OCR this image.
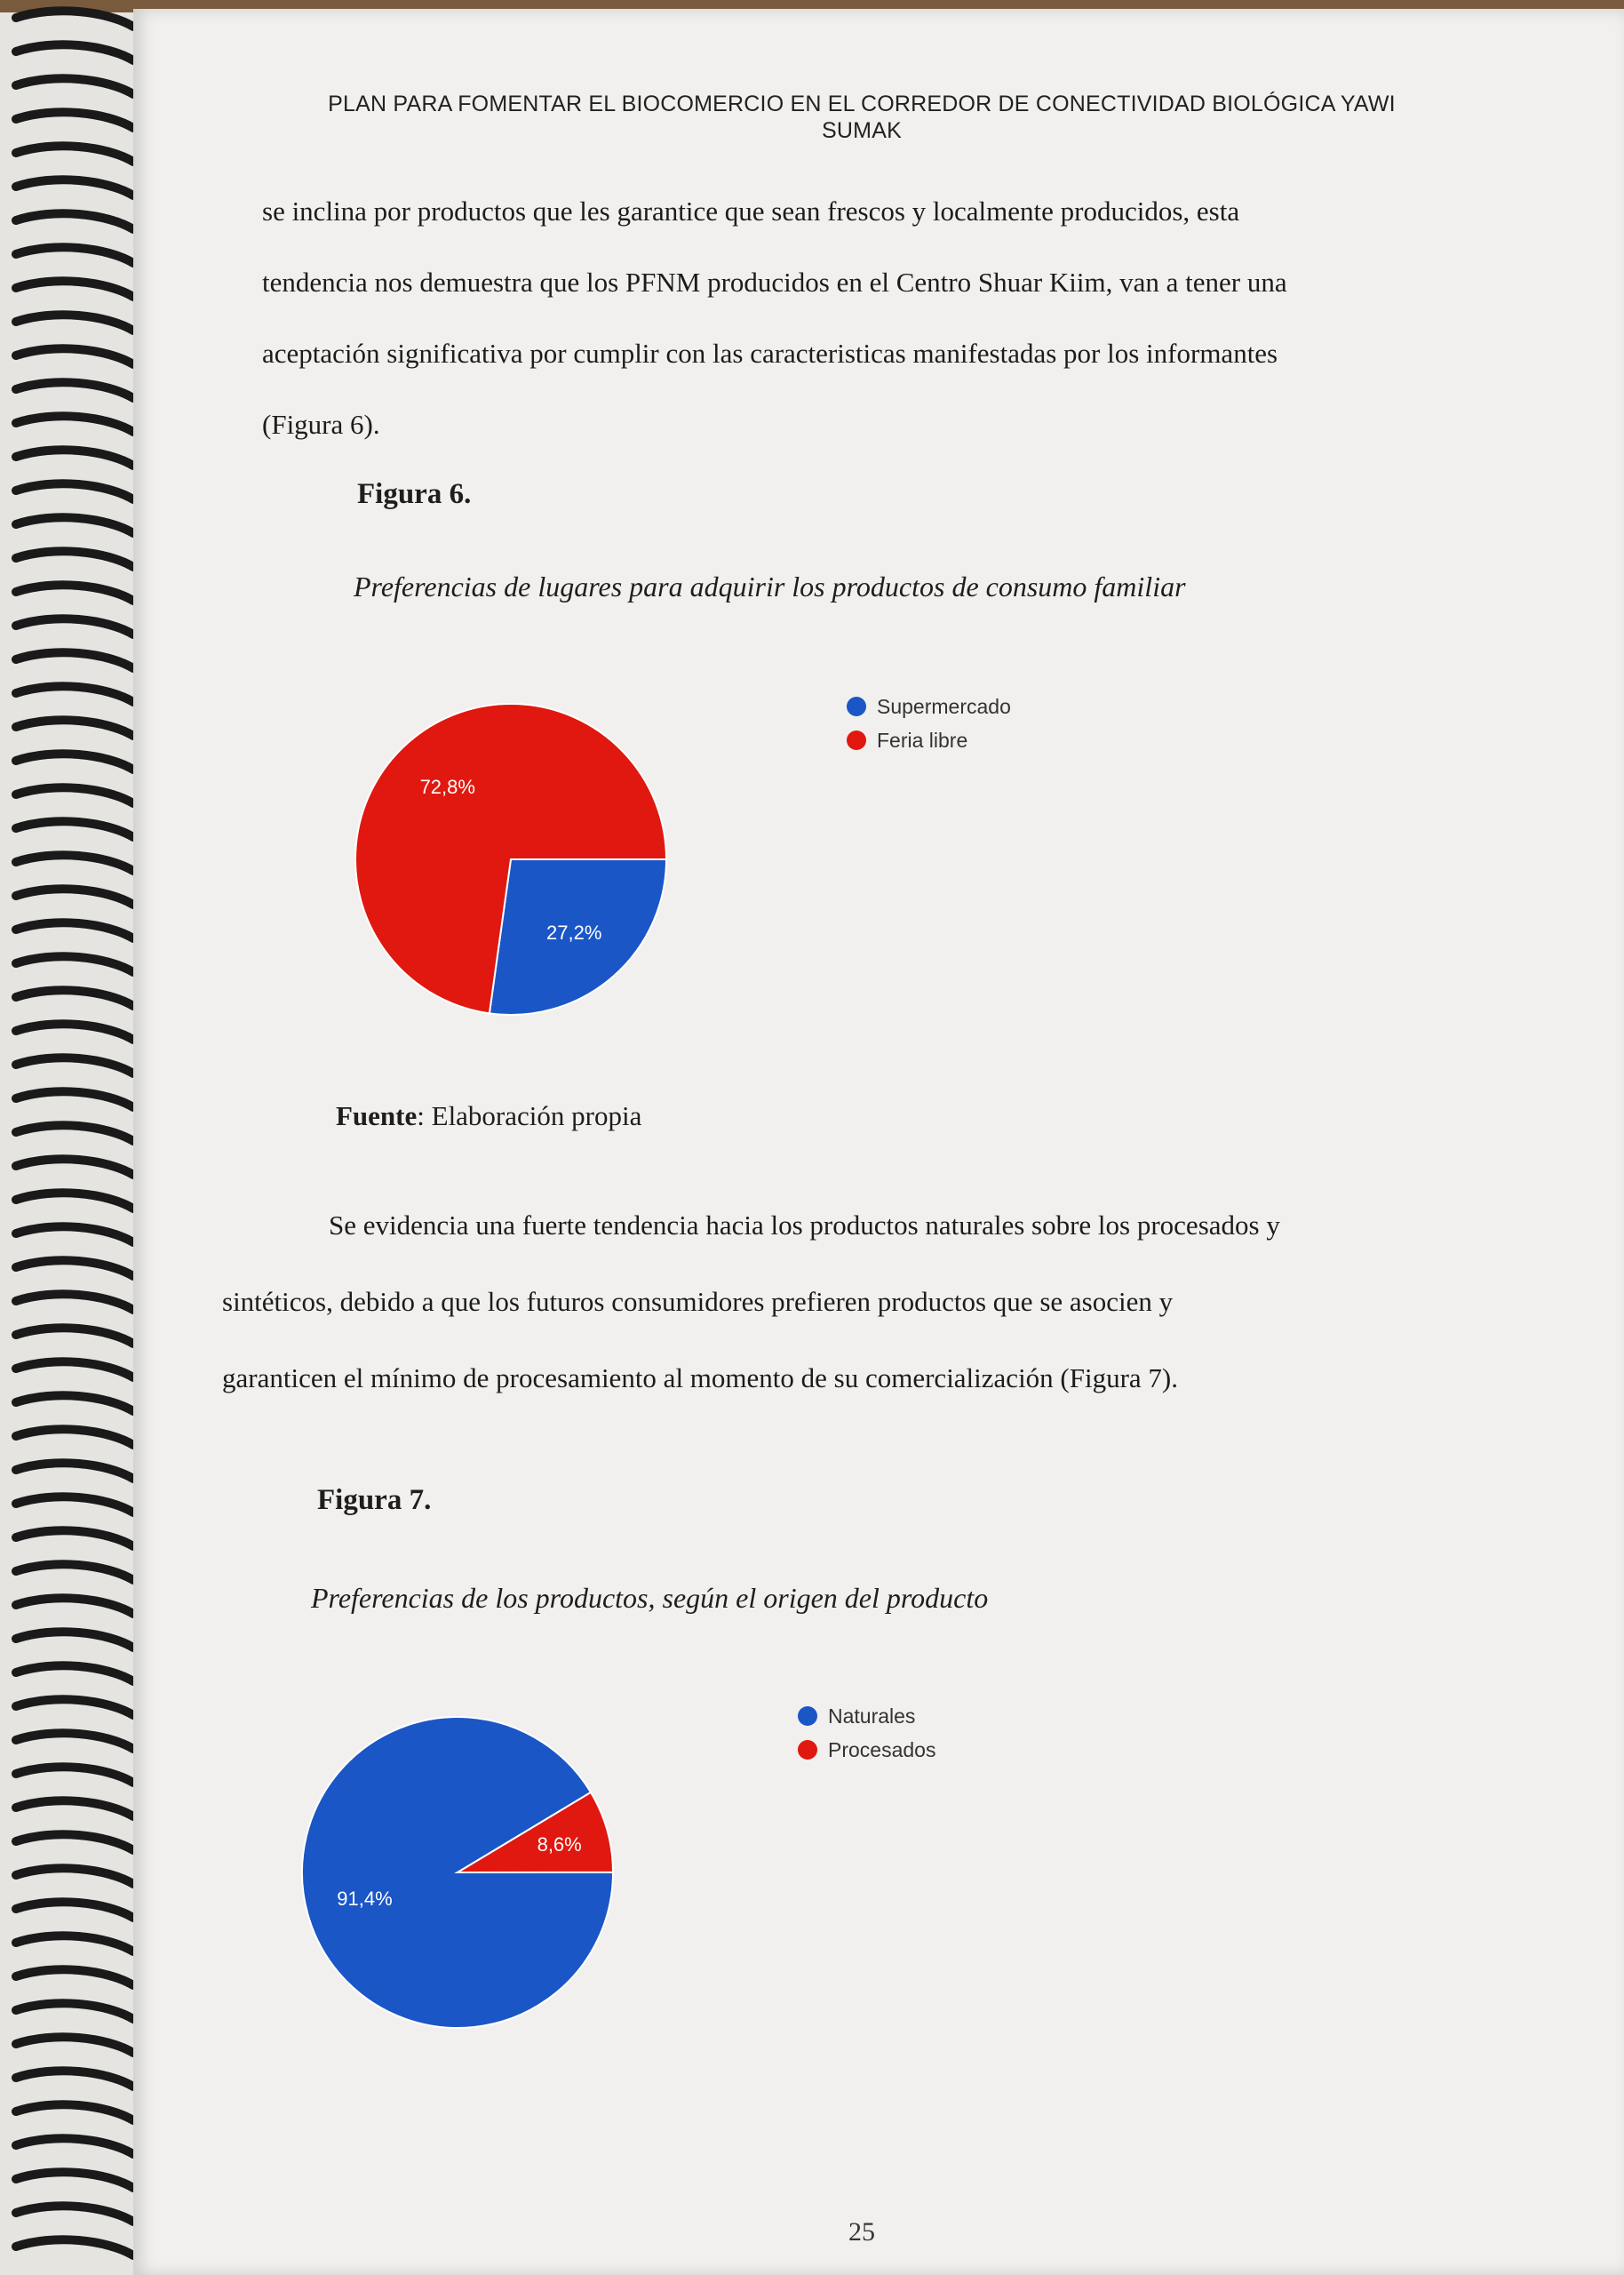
PLAN PARA FOMENTAR EL BIOCOMERCIO EN EL CORREDOR DE CONECTIVIDAD BIOLÓGICA YAWI
SUMAK

se inclina por productos que les garantice que sean frescos y localmente producidos, esta
tendencia nos demuestra que los PFNM producidos en el Centro Shuar Kiim, van a tener una
aceptación significativa por cumplir con las caracteristicas manifestadas por los informantes
(Figura 6).

Figura 6.
Preferencias de lugares para adquirir los productos de consumo familiar
27,2%
72,8%
Supermercado
Feria libre
Fuente: Elaboración propia

Se evidencia una fuerte tendencia hacia los productos naturales sobre los procesados y
sintéticos, debido a que los futuros consumidores prefieren productos que se asocien y
garanticen el mínimo de procesamiento al momento de su comercialización (Figura 7).

Figura 7.
Preferencias de los productos, según el origen del producto
91,4%
8,6%
Naturales
Procesados
25
